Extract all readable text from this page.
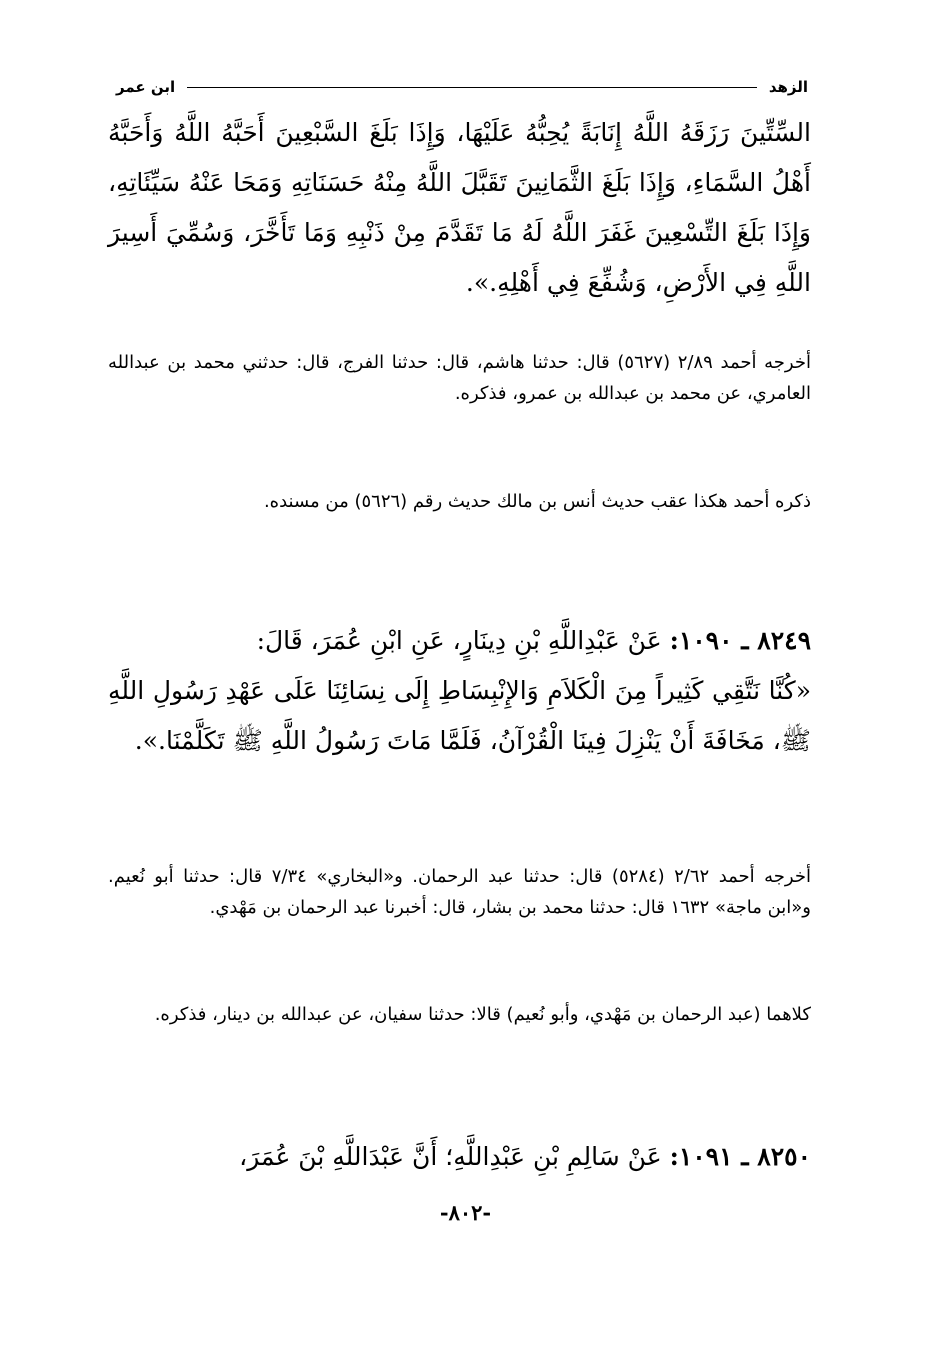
الزهد
ابن عمر

السِّتِّينَ رَزَقَهُ اللَّهُ إِنَابَةً يُحِبُّهُ عَلَيْهَا، وَإِذَا بَلَغَ السَّبْعِينَ أَحَبَّهُ اللَّهُ وَأَحَبَّهُ أَهْلُ السَّمَاءِ، وَإِذَا بَلَغَ الثَّمَانِينَ تَقَبَّلَ اللَّهُ مِنْهُ حَسَنَاتِهِ وَمَحَا عَنْهُ سَيِّئَاتِهِ، وَإِذَا بَلَغَ التِّسْعِينَ غَفَرَ اللَّهُ لَهُ مَا تَقَدَّمَ مِنْ ذَنْبِهِ وَمَا تَأَخَّرَ، وَسُمِّيَ أَسِيرَ اللَّهِ فِي الأَرْضِ، وَشُفِّعَ فِي أَهْلِهِ.».

أخرجه أحمد ٢/٨٩ (٥٦٢٧) قال: حدثنا هاشم، قال: حدثنا الفرج، قال: حدثني محمد بن عبدالله العامري، عن محمد بن عبدالله بن عمرو، فذكره.

ذكره أحمد هكذا عقب حديث أنس بن مالك حديث رقم (٥٦٢٦) من مسنده.

٨٢٤٩ ـ ١٠٩٠: عَنْ عَبْدِاللَّهِ بْنِ دِينَارٍ، عَنِ ابْنِ عُمَرَ، قَالَ:

«كُنَّا نَتَّقِي كَثِيراً مِنَ الْكَلاَمِ وَالإِنْبِسَاطِ إِلَى نِسَائِنَا عَلَى عَهْدِ رَسُولِ اللَّهِ ﷺ، مَخَافَةَ أَنْ يَنْزِلَ فِينَا الْقُرْآنُ، فَلَمَّا مَاتَ رَسُولُ اللَّهِ ﷺ تَكَلَّمْنَا.».

أخرجه أحمد ٢/٦٢ (٥٢٨٤) قال: حدثنا عبد الرحمان. و«البخاري» ٧/٣٤ قال: حدثنا أبو نُعيم. و«ابن ماجة» ١٦٣٢ قال: حدثنا محمد بن بشار، قال: أخبرنا عبد الرحمان بن مَهْدي.

كلاهما (عبد الرحمان بن مَهْدي، وأبو نُعيم) قالا: حدثنا سفيان، عن عبدالله بن دينار، فذكره.

٨٢٥٠ ـ ١٠٩١: عَنْ سَالِمِ بْنِ عَبْدِاللَّهِ؛ أَنَّ عَبْدَاللَّهِ بْنَ عُمَرَ،

-٨٠٢-
